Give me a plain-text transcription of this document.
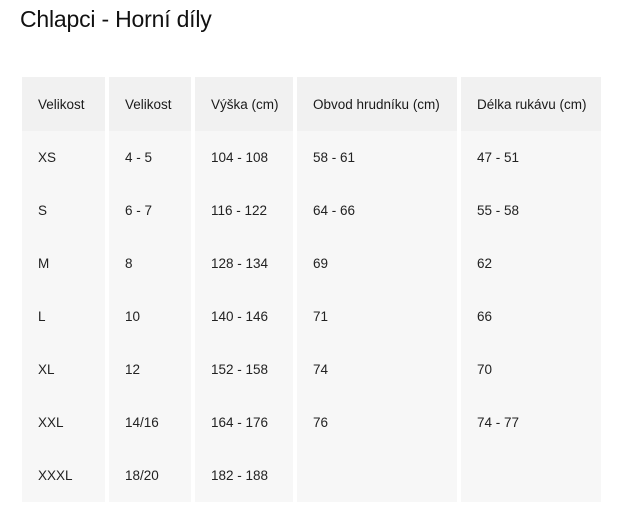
Chlapci - Horní díly
Velikost	Velikost	Výška (cm)	Obvod hrudníku (cm)	Délka rukávu (cm)
XS	4 - 5	104 - 108	58 - 61	47 - 51
S	6 - 7	116 - 122	64 - 66	55 - 58
M	8	128 - 134	69	62
L	10	140 - 146	71	66
XL	12	152 - 158	74	70
XXL	14/16	164 - 176	76	74 - 77
XXXL	18/20	182 - 188		
